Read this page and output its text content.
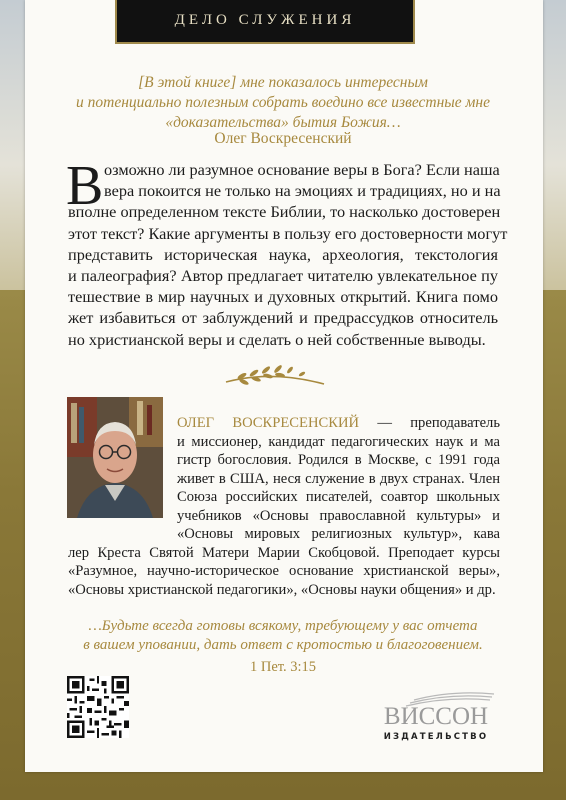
ДЕЛО СЛУЖЕНИЯ
[В этой книге] мне показалось интересным
и потенциально полезным собрать воедино все известные мне
«доказательства» бытия Божия…
Олег Воскресенский
В озможно ли разумное основание веры в Бога? Если наша
вера покоится не только на эмоциях и традициях, но и на
вполне определенном тексте Библии, то насколько достоверен
этот текст? Какие аргументы в пользу его достоверности могут
представить историческая наука, археология, текстология
и палеография? Автор предлагает читателю увлекательное пу
тешествие в мир научных и духовных открытий. Книга помо
жет избавиться от заблуждений и предрассудков относитель
но христианской веры и сделать о ней собственные выводы.
ОЛЕГ ВОСКРЕСЕНСКИЙ — преподаватель
и миссионер, кандидат педагогических наук и ма
гистр богословия. Родился в Москве, с 1991 года
живет в США, неся служение в двух странах. Член
Союза российских писателей, соавтор школьных
учебников «Основы православной культуры» и
«Основы мировых религиозных культур», кава
лер Креста Святой Матери Марии Скобцовой. Преподает курсы
«Разумное, научно-историческое основание христианской веры»,
«Основы христианской педагогики», «Основы науки общения» и др.
…Будьте всегда готовы всякому, требующему у вас отчета
в вашем уповании, дать ответ с кротостью и благоговением.
1 Пет. 3:15
ВИССОН
ИЗДАТЕЛЬСТВО
